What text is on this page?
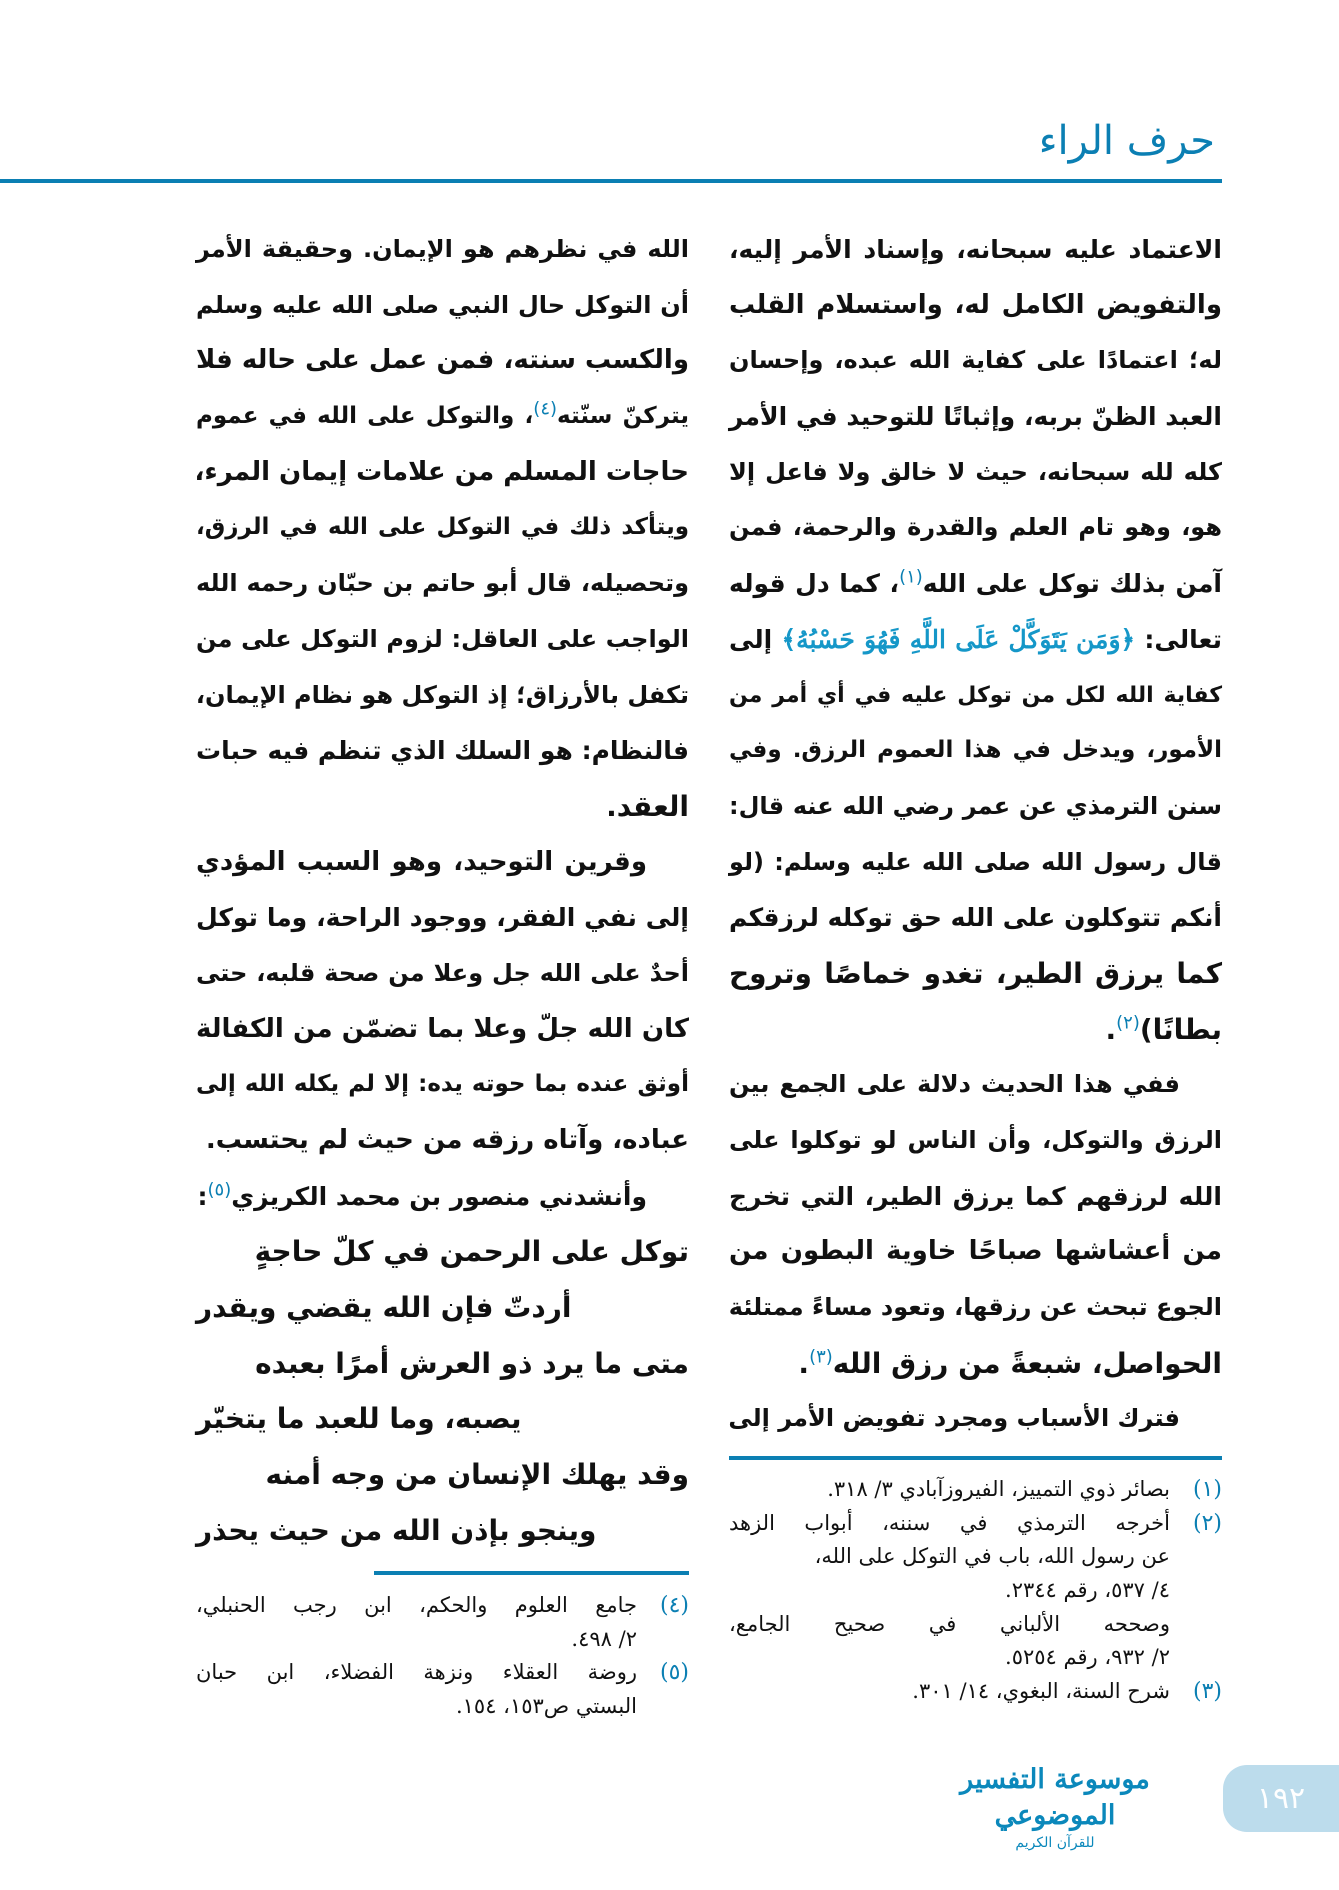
حرف الراء
الاعتماد عليه سبحانه، وإسناد الأمر إليه،
والتفويض الكامل له، واستسلام القلب
له؛ اعتمادًا على كفاية الله عبده، وإحسان
العبد الظنّ بربه، وإثباتًا للتوحيد في الأمر
كله لله سبحانه، حيث لا خالق ولا فاعل إلا
هو، وهو تام العلم والقدرة والرحمة، فمن
آمن بذلك توكل على الله$^{(١)}$، كما دل قوله
تعالى: ﴿وَمَن يَتَوَكَّلْ عَلَى اللَّهِ فَهُوَ حَسْبُهُ﴾ إلى
كفاية الله لكل من توكل عليه في أي أمر من
الأمور، ويدخل في هذا العموم الرزق. وفي
سنن الترمذي عن عمر رضي الله عنه قال:
قال رسول الله صلى الله عليه وسلم: (لو
أنكم تتوكلون على الله حق توكله لرزقكم
كما يرزق الطير، تغدو خماصًا وتروح
بطانًا)$^{(٢)}$.
ففي هذا الحديث دلالة على الجمع بين
الرزق والتوكل، وأن الناس لو توكلوا على
الله لرزقهم كما يرزق الطير، التي تخرج
من أعشاشها صباحًا خاوية البطون من
الجوع تبحث عن رزقها، وتعود مساءً ممتلئة
الحواصل، شبعةً من رزق الله$^{(٣)}$.
فترك الأسباب ومجرد تفويض الأمر إلى
(١)
بصائر ذوي التمييز، الفيروزآبادي ٣/ ٣١٨.
(٢)
أخرجه الترمذي في سننه، أبواب الزهد
عن رسول الله، باب في التوكل على الله،
٤/ ٥٣٧، رقم ٢٣٤٤.
وصححه الألباني في صحيح الجامع،
٢/ ٩٣٢، رقم ٥٢٥٤.
(٣)
شرح السنة، البغوي، ١٤/ ٣٠١.
الله في نظرهم هو الإيمان. وحقيقة الأمر
أن التوكل حال النبي صلى الله عليه وسلم
والكسب سنته، فمن عمل على حاله فلا
يتركنّ سنّته$^{(٤)}$، والتوكل على الله في عموم
حاجات المسلم من علامات إيمان المرء،
ويتأكد ذلك في التوكل على الله في الرزق،
وتحصيله، قال أبو حاتم بن حبّان رحمه الله
الواجب على العاقل: لزوم التوكل على من
تكفل بالأرزاق؛ إذ التوكل هو نظام الإيمان،
فالنظام: هو السلك الذي تنظم فيه حبات
العقد.
وقرين التوحيد، وهو السبب المؤدي
إلى نفي الفقر، ووجود الراحة، وما توكل
أحدٌ على الله جل وعلا من صحة قلبه، حتى
كان الله جلّ وعلا بما تضمّن من الكفالة
أوثق عنده بما حوته يده: إلا لم يكله الله إلى
عباده، وآتاه رزقه من حيث لم يحتسب.
وأنشدني منصور بن محمد الكريزي$^{(٥)}$:
توكل على الرحمن في كلّ حاجةٍ
أردتّ فإن الله يقضي ويقدر
متى ما يرد ذو العرش أمرًا بعبده
يصبه، وما للعبد ما يتخيّر
وقد يهلك الإنسان من وجه أمنه
وينجو بإذن الله من حيث يحذر
(٤)
جامع العلوم والحكم، ابن رجب الحنبلي،
٢/ ٤٩٨.
(٥)
روضة العقلاء ونزهة الفضلاء، ابن حبان
البستي ص١٥٣، ١٥٤.
موسوعة التفسير الموضوعي
للقرآن الكريم
١٩٢
